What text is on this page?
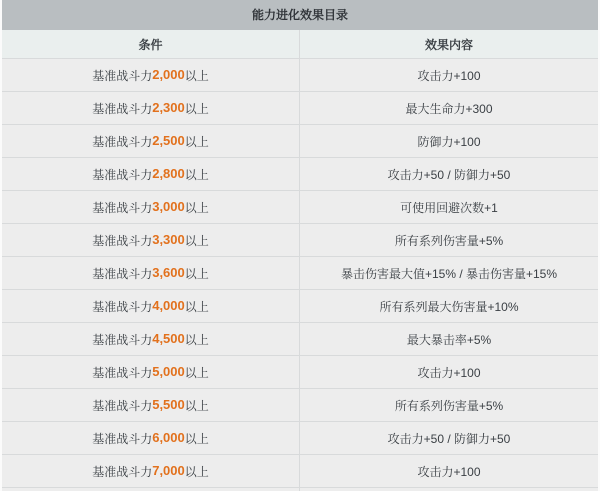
能力进化效果目录
条件	效果内容
基准战斗力 2,000 以上	攻击力+100
基准战斗力 2,300 以上	最大生命力+300
基准战斗力 2,500 以上	防御力+100
基准战斗力 2,800 以上	攻击力+50 / 防御力+50
基准战斗力 3,000 以上	可使用回避次数+1
基准战斗力 3,300 以上	所有系列伤害量+5%
基准战斗力 3,600 以上	暴击伤害最大值+15% / 暴击伤害量+15%
基准战斗力 4,000 以上	所有系列最大伤害量+10%
基准战斗力 4,500 以上	最大暴击率+5%
基准战斗力 5,000 以上	攻击力+100
基准战斗力 5,500 以上	所有系列伤害量+5%
基准战斗力 6,000 以上	攻击力+50 / 防御力+50
基准战斗力 7,000 以上	攻击力+100
